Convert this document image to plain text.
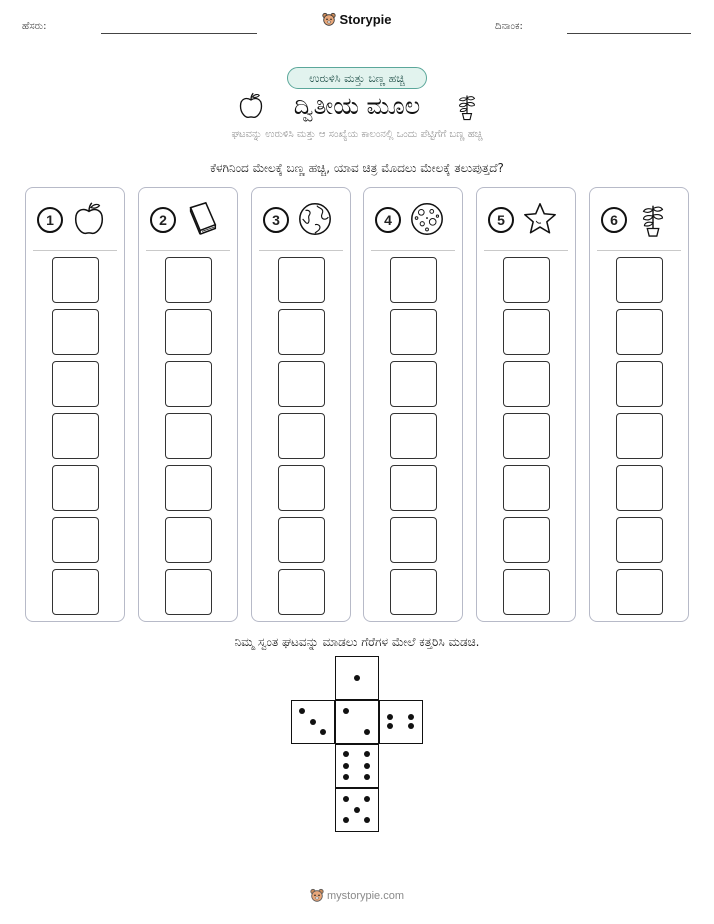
ಹೆಸರು:	Storypie	ದಿನಾಂಕ:
ಉರುಳಿಸಿ ಮತ್ತು ಬಣ್ಣ ಹಚ್ಚಿ
ದ್ವಿತೀಯ ಮೂಲ
ಘಟವನ್ನು ಉರುಳಿಸಿ ಮತ್ತು ಆ ಸಂಖ್ಯೆಯ ಕಾಲಂನಲ್ಲಿ ಒಂದು ಪೆಟ್ಟಿಗೆಗೆ ಬಣ್ಣ ಹಚ್ಚಿ
ಕೆಳಗಿನಿಂದ ಮೇಲಕ್ಕೆ ಬಣ್ಣ ಹಚ್ಚಿ, ಯಾವ ಚಿತ್ರ ಮೊದಲು ಮೇಲಕ್ಕೆ ತಲುಪುತ್ತದೆ?
1	2	3	4	5	6
ನಿಮ್ಮ ಸ್ವಂತ ಘಟವನ್ನು ಮಾಡಲು ಗೆರೆಗಳ ಮೇಲೆ ಕತ್ತರಿಸಿ ಮಡಚಿ.
mystorypie.com
